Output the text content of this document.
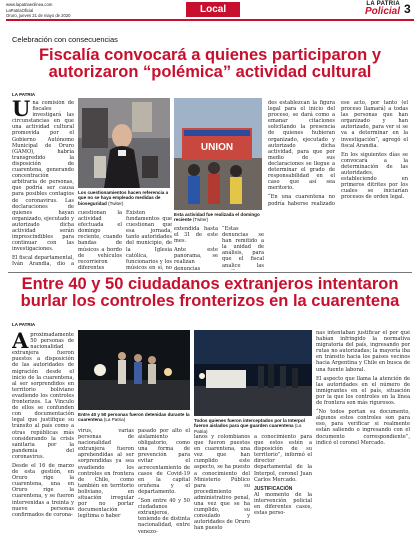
www.lapatriaenlinea.com
LaPatriaOficial
Oruro, jueves 21 de mayo de 2020
Local	LA PATRIA
Policial 3
Celebración con consecuencias
Fiscalía convocará a quienes participaron y autorizaron “polémica” actividad cultural
LA PATRIA

Una comisión de fiscales investigará las circunstancias en que una actividad cultural promovida por el Gobierno Autónomo Municipal de Oruro (GAMO), habría transgredido la disposición de cuarentena, generando concentración arbitraria de personas, que podría ser causa para posibles contagios de coronavirus. Las declaraciones de quienes hayan organizado, ejecutado y autorizado dicha actividad serán imprescindibles para continuar con las investigaciones.

El fiscal departamental, Iván Arandia, dio a

Los cuestionamientos hacen referencia a que no se haya empleado medidas de bioseguridad (Twiter)

cuestionan la actividad efectuada el domingo reciente, cuando bandas de músicos a bordo de vehículos recorrieron diferentes

Existen fundamentos que cuestionan que esa jornada, tanto autoridades del municipio, de la Iglesia católica, funcionarios y los músicos en sí, no

UNION
Esta actividad fue realizada el domingo reciente (Twiter)

extendida hasta el 31 de este mes.

Ante este panorama, se realizan denuncias

“Estas denuncias se han remitido a la unidad de análisis, para que el fiscal analice las

des establezcan la figura legal para el inicio del proceso, se dará como a emanar citaciones solicitando la presencia de quienes hubieran organizado, ejecutado y autorizado dicha actividad, para que por medio de sus declaraciones se llegue a determinar el grado de responsabilidad en el caso que así sea meritorio.

“En una cuarentena no podría haberse realizado ese acto, por tanto (el proceso llamará) a todas las personas que han organizado y han autorizado, para ver si se va a determinar en la investigación”, agregó el fiscal Arandia.

En los siguientes días se convocará a la determinación de las autoridades, estableciendo en primeros ditrites por los cuales se iniciarían procesos de orden legal.

Entre 40 y 50 ciudadanos extranjeros intentaron burlar los controles fronterizos en la cuarentena
LA PATRIA

Aproximadamente 50 personas de nacionalidad extranjera fueron puestos a disposición de las autoridades de migración desde el inicio de la cuarentena, al ser sorprendidos en territorio boliviano evadiendo los controles fronterizos. La Vinculo de ellos se confunden con documentación legal que justifique su tránsito al país como a otras repúblicas más considerando la crisis sanitaria por la pandemia del coronavirus.

Desde el 16 de marzo de esta gestión, en Oruro rige la cuarentena, una en Oruro rige la cuarentena, y se fueron intervenidas a treinta y nueve personas confirmados de corona-

Entre 40 y 50 personas fueron detenidas durante la cuarentena (La Patria)	Todos quienes fueron interceptados por la Interpol fueron aislados para que guarden cuarentena (La Patria)

virus, varias personas de nacionalidad extranjera fueron aprehendidas al ser sorprendidas ya sea evadiendo los controles en frontera de Chile, como también en territorio boliviano, en situación irregular por no portar documentación legítima o haber

pasado por alto el aislamiento obligatorio, como una forma de prevención para evitar el acrecentamiento de casos de Covid-19 en la capital oruñena y el departamento.

“Son entre 40 y 50 ciudadanos extranjeros, teniendo de distinta nacionalidad, entre venezo-

lanos y colombianos que fueron puestos en cuarentena, una vez que han cumplido este aspecto, se ha puesto a conocimiento del Ministerio Público para su procedimiento administrativo penal, una vez que se ha cumplido, su consulado y autoridades de Oruro han puesto

a conocimiento para que estos estén a disposición de su territorio”, informó el director departamental de la Interpol, coronel Juan Carlos Mercado.

JUSTIFICACIÓN

Al momento de la intervención policial en diferentes casos, estas perso-

nas intentaban justificar el por qué habían infringido la normativa migratoria del país, ingresando por rutas no autorizadas; la mayoría iba en tránsito hacia los países vecinos hacia Argentina y Chile en busca de una fuente laboral.

El aspecto que llama la atención de las autoridades en el número de inmigrantes en el país, situación por la que los controles en la línea de frontera son más rigurosos.

“No todos portan su documento, algunos estos controles son para eso, para verificar si realmente están saliendo o ingresando con el documento correspondiente”, indicó el coronel Mercado.
